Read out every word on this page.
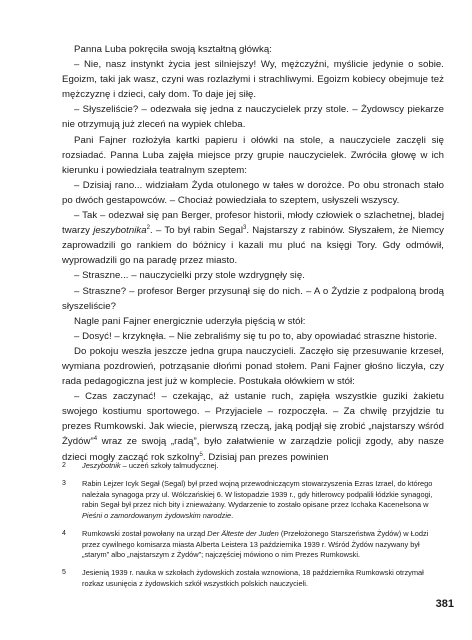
Panna Luba pokręciła swoją kształtną główką:

– Nie, nasz instynkt życia jest silniejszy! Wy, mężczyźni, myślicie jedynie o sobie. Egoizm, taki jak wasz, czyni was rozlazłymi i strachliwymi. Egoizm kobiecy obejmuje też mężczyznę i dzieci, cały dom. To daje jej siłę.

– Słyszeliście? – odezwała się jedna z nauczycielek przy stole. – Żydowscy piekarze nie otrzymują już zleceń na wypiek chleba.

Pani Fajner rozłożyła kartki papieru i ołówki na stole, a nauczyciele zaczęli się rozsiadać. Panna Luba zajęła miejsce przy grupie nauczycielek. Zwróciła głowę w ich kierunku i powiedziała teatralnym szeptem:

– Dzisiaj rano... widziałam Żyda otulonego w tałes w dorożce. Po obu stronach stało po dwóch gestapowców. – Chociaż powiedziała to szeptem, usłyszeli wszyscy.

– Tak – odezwał się pan Berger, profesor historii, młody człowiek o szlachetnej, bladej twarzy jeszybotnika$^2$. – To był rabin Segal$^3$. Najstarszy z rabinów. Słyszałem, że Niemcy zaprowadzili go rankiem do bóżnicy i kazali mu pluć na księgi Tory. Gdy odmówił, wyprowadzili go na paradę przez miasto.

– Straszne... – nauczycielki przy stole wzdrygnęły się.

– Straszne? – profesor Berger przysunął się do nich. – A o Żydzie z podpaloną brodą słyszeliście?

Nagle pani Fajner energicznie uderzyła pięścią w stół:

– Dosyć! – krzyknęła. – Nie zebraliśmy się tu po to, aby opowiadać straszne historie.

Do pokoju weszła jeszcze jedna grupa nauczycieli. Zaczęło się przesuwanie krzeseł, wymiana pozdrowień, potrząsanie dłońmi ponad stołem. Pani Fajner głośno liczyła, czy rada pedagogiczna jest już w komplecie. Postukała ołówkiem w stół:

– Czas zaczynać! – czekając, aż ustanie ruch, zapięła wszystkie guziki żakietu swojego kostiumu sportowego. – Przyjaciele – rozpoczęła. – Za chwilę przyjdzie tu prezes Rumkowski. Jak wiecie, pierwszą rzeczą, jaką podjął się zrobić „najstarszy wśród Żydów”$^4$ wraz ze swoją „radą”, było załatwienie w zarządzie policji zgody, aby nasze dzieci mogły zacząć rok szkolny$^5$. Dzisiaj pan prezes powinien

2	Jeszybotnik – uczeń szkoły talmudycznej.
3	Rabin Lejzer Icyk Segał (Segal) był przed wojną przewodniczącym stowarzyszenia Ezras Izrael, do którego należała synagoga przy ul. Wólczańskiej 6. W listopadzie 1939 r., gdy hitlerowcy podpalili łódzkie synagogi, rabin Segał był przez nich bity i znieważany. Wydarzenie to zostało opisane przez Icchaka Kacenelsona w Pieśni o zamordowanym żydowskim narodzie.
4	Rumkowski został powołany na urząd Der Älteste der Juden (Przełożonego Starszeństwa Żydów) w Łodzi przez cywilnego komisarza miasta Alberta Leistera 13 października 1939 r. Wśród Żydów nazywany był „starym” albo „najstarszym z Żydów”; najczęściej mówiono o nim Prezes Rumkowski.
5	Jesienią 1939 r. nauka w szkołach żydowskich została wznowiona, 18 października Rumkowski otrzymał rozkaz usunięcia z żydowskich szkół wszystkich polskich nauczycieli.
381
